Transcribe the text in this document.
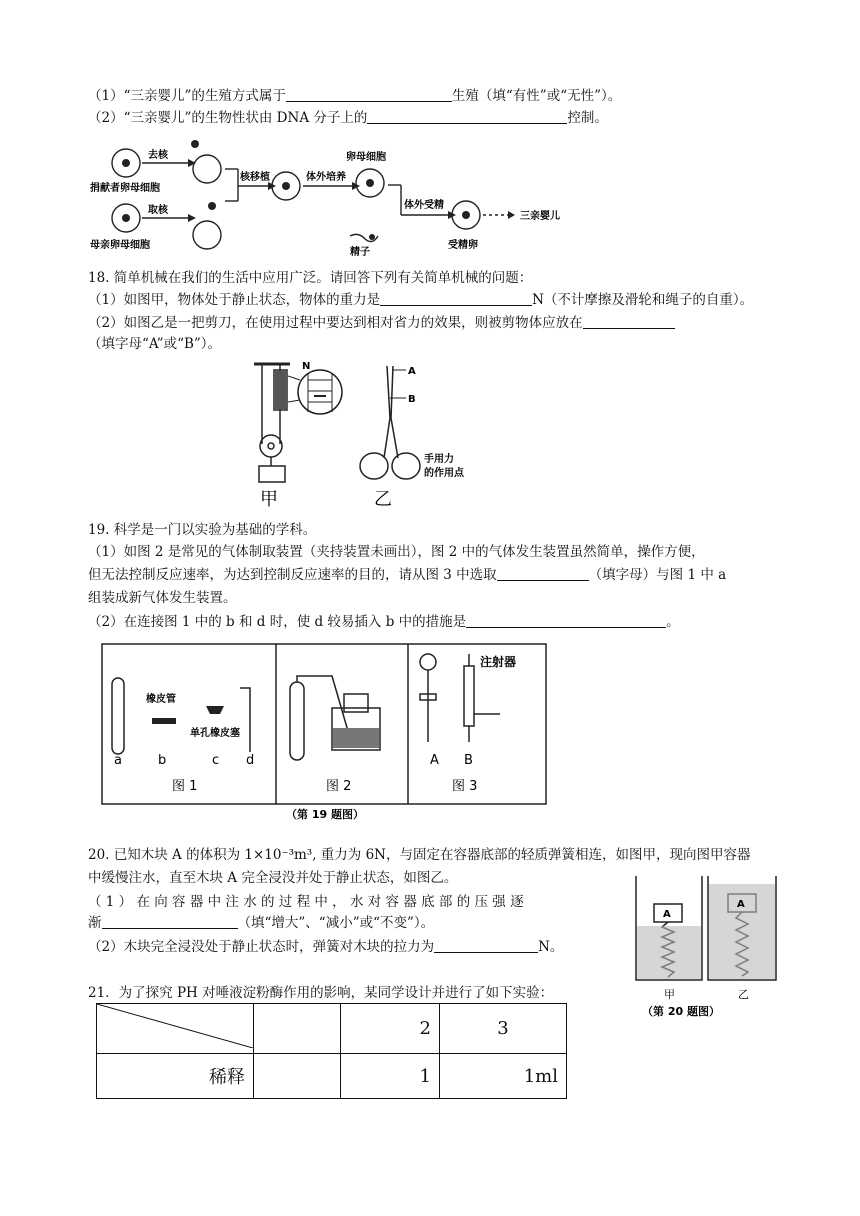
（1）“三亲婴儿”的生殖方式属于	生殖（填“有性”或“无性”）。
（2）“三亲婴儿”的生物性状由 DNA 分子上的	控制。
去核
取核
捐献者卵母细胞
母亲卵母细胞
核移植	体外培养
卵母细胞
体外受精
三亲婴儿
精子
受精卵
18. 简单机械在我们的生活中应用广泛。请回答下列有关简单机械的问题：
（1）如图甲，物体处于静止状态，物体的重力是	N（不计摩擦及滑轮和绳子的自重）。
（2）如图乙是一把剪刀，在使用过程中要达到相对省力的效果，则被剪物体应放在
（填字母“A”或“B”）。
N	A
B
手用力
的作用点
甲	乙
19. 科学是一门以实验为基础的学科。
（1）如图 2 是常见的气体制取装置（夹持装置未画出），图 2 中的气体发生装置虽然简单，操作方便，
但无法控制反应速率，为达到控制反应速率的目的，请从图 3 中选取	（填字母）与图 1 中 a
组装成新气体发生装置。
（2）在连接图 1 中的 b 和 d 时，使 d 较易插入 b 中的措施是	。
橡皮管
单孔橡皮塞
注射器
a	b	c d	A B
图 1	图 2	图 3
（第 19 题图）
20. 已知木块 A 的体积为 1×10⁻³m³, 重力为 6N，与固定在容器底部的轻质弹簧相连，如图甲，现向图甲容器
中缓慢注水，直至木块 A 完全浸没并处于静止状态，如图乙。
（ 1 ） 在 向 容 器 中 注 水 的 过 程 中 ， 水 对 容 器 底 部 的 压 强 逐
渐	（填“增大”、“减小”或“不变”）。
（2）木块完全浸没处于静止状态时，弹簧对木块的拉力为	N。
A
A
甲	乙
（第 20 题图）
21．为了探究 PH 对唾液淀粉酶作用的影响，某同学设计并进行了如下实验：
		2	3
稀释		1	1ml
